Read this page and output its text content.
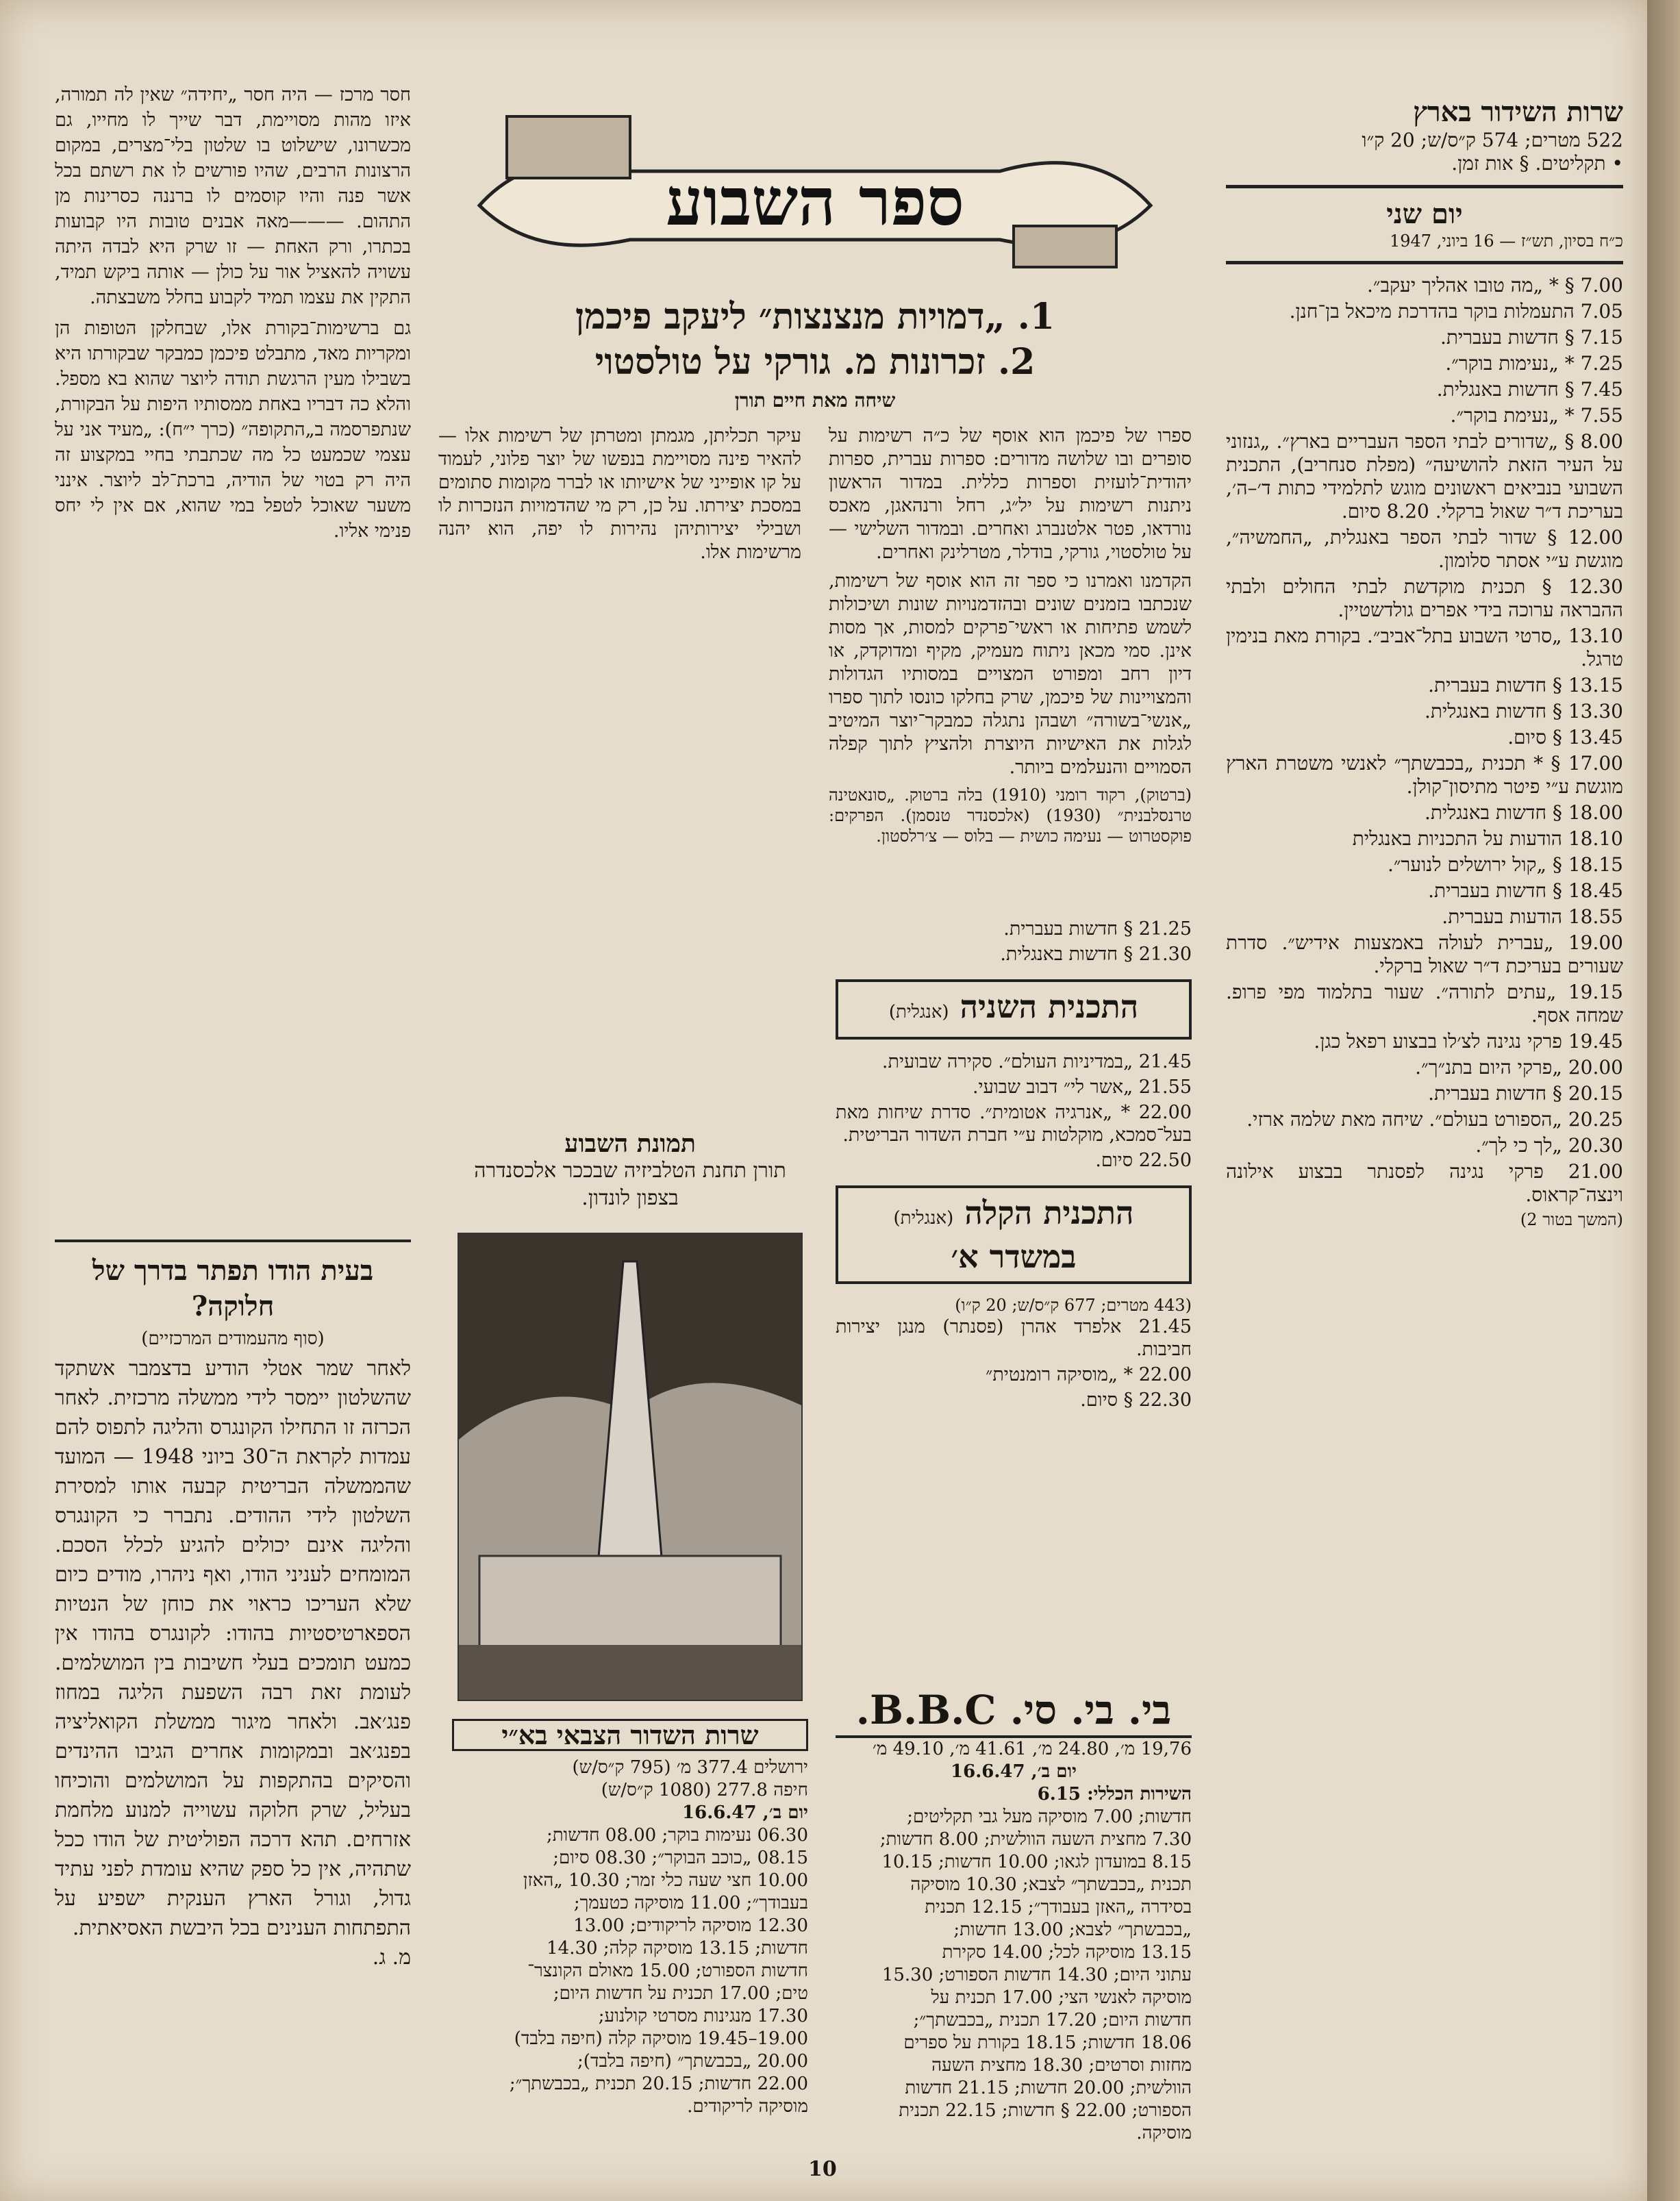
שרות השידור בארץ
522 מטרים; 574 ק״ס/ש; 20 ק״ו
• תקליטים. § אות זמן.
יום שני
כ״ח בסיון, תש״ז — 16 ביוני, 1947
7.00 § * „מה טובו אהליך יעקב״.
7.05 התעמלות בוקר בהדרכת מיכאל בן־חנן.
7.15 § חדשות בעברית.
7.25 * „נעימות בוקר״.
7.45 § חדשות באנגלית.
7.55 * „נעימת בוקר״.
8.00 § „שדורים לבתי הספר העבריים בארץ״. „גנזוני על העיר הזאת להושיעה״ (מפלת סנחריב), התכנית השבועי בנביאים ראשונים מוגש לתלמידי כתות ד׳–ה׳, בעריכת ד״ר שאול ברקלי. 8.20 סיום.
12.00 § שדור לבתי הספר באנגלית, „החמשיה״, מוגשת ע״י אסתר סלומון.
12.30 § תכנית מוקדשת לבתי החולים ולבתי ההבראה ערוכה בידי אפרים גולדשטיין.
13.10 „סרטי השבוע בתל־אביב״. בקורת מאת בנימין טרגל.
13.15 § חדשות בעברית.
13.30 § חדשות באנגלית.
13.45 § סיום.
17.00 § * תכנית „בכבשתך״ לאנשי משטרת הארץ מוגשת ע״י פיטר מתיסון־קולן.
18.00 § חדשות באנגלית.
18.10 הודעות על התכניות באנגלית
18.15 § „קול ירושלים לנוער״.
18.45 § חדשות בעברית.
18.55 הודעות בעברית.
19.00 „עברית לעולה באמצעות אידיש״. סדרת שעורים בעריכת ד״ר שאול ברקלי.
19.15 „עתים לתורה״. שעור בתלמוד מפי פרופ. שמחה אסף.
19.45 פרקי נגינה לצ׳לו בבצוע רפאל כגן.
20.00 „פרקי היום בתנ״ך״.
20.15 § חדשות בעברית.
20.25 „הספורט בעולם״. שיחה מאת שלמה ארזי.
20.30 „לך כי לך״.
21.00 פרקי נגינה לפסנתר בבצוע אילונה וינצה־קראוס.
(המשך בטור 2)
ספר השבוע
1. „דמויות מנצנצות״ ליעקב פיכמן
2. זכרונות מ. גורקי על טולסטוי
שיחה מאת חיים תורן

ספרו של פיכמן הוא אוסף של כ״ה רשימות על סופרים ובו שלושה מדורים: ספרות עברית, ספרות יהודית־לועזית וספרות כללית. במדור הראשון ניתנות רשימות על יל״ג, רחל ורנהאגן, מאכס נורדאו, פטר אלטנברג ואחרים. ובמדור השלישי — על טולסטוי, גורקי, בודלר, מטרלינק ואחרים.

הקדמנו ואמרנו כי ספר זה הוא אוסף של רשימות, שנכתבו בזמנים שונים ובהזדמנויות שונות ושיכולות לשמש פתיחות או ראשי־פרקים למסות, אך מסות אינן. סמי מכאן ניתוח מעמיק, מקיף ומדוקדק, או דיון רחב ומפורט המצויים במסותיו הגדולות והמצויינות של פיכמן, שרק בחלקו כונסו לתוך ספרו „אנשי־בשורה״ ושבהן נתגלה כמבקר־יוצר המיטיב לגלות את האישיות היוצרת ולהציץ לתוך קפלה הסמויים והנעלמים ביותר.

(ברטוק), רקוד רומני (1910) בלה ברטוק. „סונאטינה טרנסלבנית״ (1930) (אלכסנדר טנסמן). הפרקים: פוקסטרוט — נעימה כושית — בלוס — צ׳רלסטון.

עיקר תכליתן, מגמתן ומטרתן של רשימות אלו — להאיר פינה מסויימת בנפשו של יוצר פלוני, לעמוד על קו אופייני של אישיותו או לברר מקומות סתומים במסכת יצירתו. על כן, רק מי שהדמויות הנזכרות לו ושבילי יצירותיהן נהירות לו יפה, הוא יהנה מרשימות אלו.

21.25 § חדשות בעברית.
21.30 § חדשות באנגלית.
התכנית השניה (אנגלית)
21.45 „במדיניות העולם״. סקירה שבועית.
21.55 „אשר לי״ דבוב שבועי.
22.00 * „אנרגיה אטומית״. סדרת שיחות מאת בעל־סמכא, מוקלטות ע״י חברת השדור הבריטית.
22.50 סיום.
התכנית הקלה (אנגלית)
במשדר א׳
(443 מטרים; 677 ק״ס/ש; 20 ק״ו)
21.45 אלפרד אהרן (פסנתר) מנגן יצירות חביבות.
22.00 * „מוסיקה רומנטית״
22.30 § סיום.
תמונת השבוע
תורן תחנת הטלביזיה שבככר אלכסנדרה בצפון לונדון.
שרות השדור הצבאי בא״י
ירושלים 377.4 מ׳ (795 ק״ס/ש)
חיפה 277.8 (1080 ק״ס/ש)
יום ב׳, 16.6.47
06.30 נעימות בוקר; 08.00 חדשות;
08.15 „כוכב הבוקר״; 08.30 סיום;
10.00 חצי שעה כלי זמר; 10.30 „האזן
בעבודך״; 11.00 מוסיקה כטעמך;
12.30 מוסיקה לריקודים; 13.00
חדשות; 13.15 מוסיקה קלה; 14.30
חדשות הספורט; 15.00 מאולם הקונצר־
טים; 17.00 תכנית על חדשות היום;
17.30 מנגינות מסרטי קולנוע;
19.00–19.45 מוסיקה קלה (חיפה בלבד)
20.00 „בכבשתך״ (חיפה בלבד);
22.00 חדשות; 20.15 תכנית „בכבשתך״;
מוסיקה לריקודים.
בי. בי. סי. B.B.C.
19,76 מ׳, 24.80 מ׳, 41.61 מ׳, 49.10 מ׳
יום ב׳, 16.6.47
השירות הכללי: 6.15
חדשות; 7.00 מוסיקה מעל גבי תקליטים;
7.30 מחצית השעה הוולשית; 8.00 חדשות;
8.15 במועדון לגאו; 10.00 חדשות; 10.15
תכנית „בכבשתך״ לצבא; 10.30 מוסיקה
בסידרה „האזן בעבודך״; 12.15 תכנית
„בכבשתך״ לצבא; 13.00 חדשות;
13.15 מוסיקה לכל; 14.00 סקירת
עתוני היום; 14.30 חדשות הספורט; 15.30
מוסיקה לאנשי הצי; 17.00 תכנית על
חדשות היום; 17.20 תכנית „בכבשתך״;
18.06 חדשות; 18.15 בקורת על ספרים
מחזות וסרטים; 18.30 מחצית השעה
הוולשית; 20.00 חדשות; 21.15 חדשות
הספורט; 22.00 § חדשות; 22.15 תכנית
מוסיקה.

חסר מרכז — היה חסר „יחידה״ שאין לה תמורה, איזו מהות מסויימת, דבר שייך לו מחייו, גם מכשרונו, שישלוט בו שלטון בלי־מצרים, במקום הרצונות הרבים, שהיו פורשים לו את רשתם בכל אשר פנה והיו קוסמים לו ברננה כסרינות מן התהום. ———מאה אבנים טובות היו קבועות בכתרו, ורק האחת — זו שרק היא לבדה היתה עשויה להאציל אור על כולן — אותה ביקש תמיד, התקין את עצמו תמיד לקבוע בחלל משבצתה.

גם ברשימות־בקורת אלו, שבחלקן הטופות הן ומקריות מאד, מתבלט פיכמן כמבקר שבקורתו היא בשבילו מעין הרגשת תודה ליוצר שהוא בא מספל. והלא כה דבריו באחת ממסותיו היפות על הבקורת, שנתפרסמה ב„התקופה״ (כרך י״ח): „מעיד אני על עצמי שכמעט כל מה שכתבתי בחיי במקצוע זה היה רק בטוי של הודיה, ברכת־לב ליוצר. אינני משער שאוכל לטפל במי שהוא, אם אין לי יחס פנימי אליו.

בעית הודו תפתר בדרך של חלוקה?
(סוף מהעמודים המרכזיים)
לאחר שמר אטלי הודיע בדצמבר אשתקד שהשלטון יימסר לידי ממשלה מרכזית. לאחר הכרזה זו התחילו הקונגרס והליגה לתפוס להם עמדות לקראת ה־30 ביוני 1948 — המועד שהממשלה הבריטית קבעה אותו למסירת השלטון לידי ההודים. נתברר כי הקונגרס והליגה אינם יכולים להגיע לכלל הסכם. המומחים לעניני הודו, ואף ניהרו, מודים כיום שלא העריכו כראוי את כוחן של הנטיות הספארטיסטיות בהודו: לקונגרס בהודו אין כמעט תומכים בעלי חשיבות בין המושלמים. לעומת זאת רבה השפעת הליגה במחוז פנג׳אב. ולאחר מיגור ממשלת הקואליציה בפנג׳אב ובמקומות אחרים הגיבו ההינדים והסיקים בהתקפות על המושלמים והוכיחו בעליל, שרק חלוקה עשוייה למנוע מלחמת אזרחים. תהא דרכה הפוליטית של הודו ככל שתהיה, אין כל ספק שהיא עומדת לפני עתיד גדול, וגורל הארץ הענקית ישפיע על התפתחות הענינים בכל היבשת האסיאתית.
מ. ג.
10
